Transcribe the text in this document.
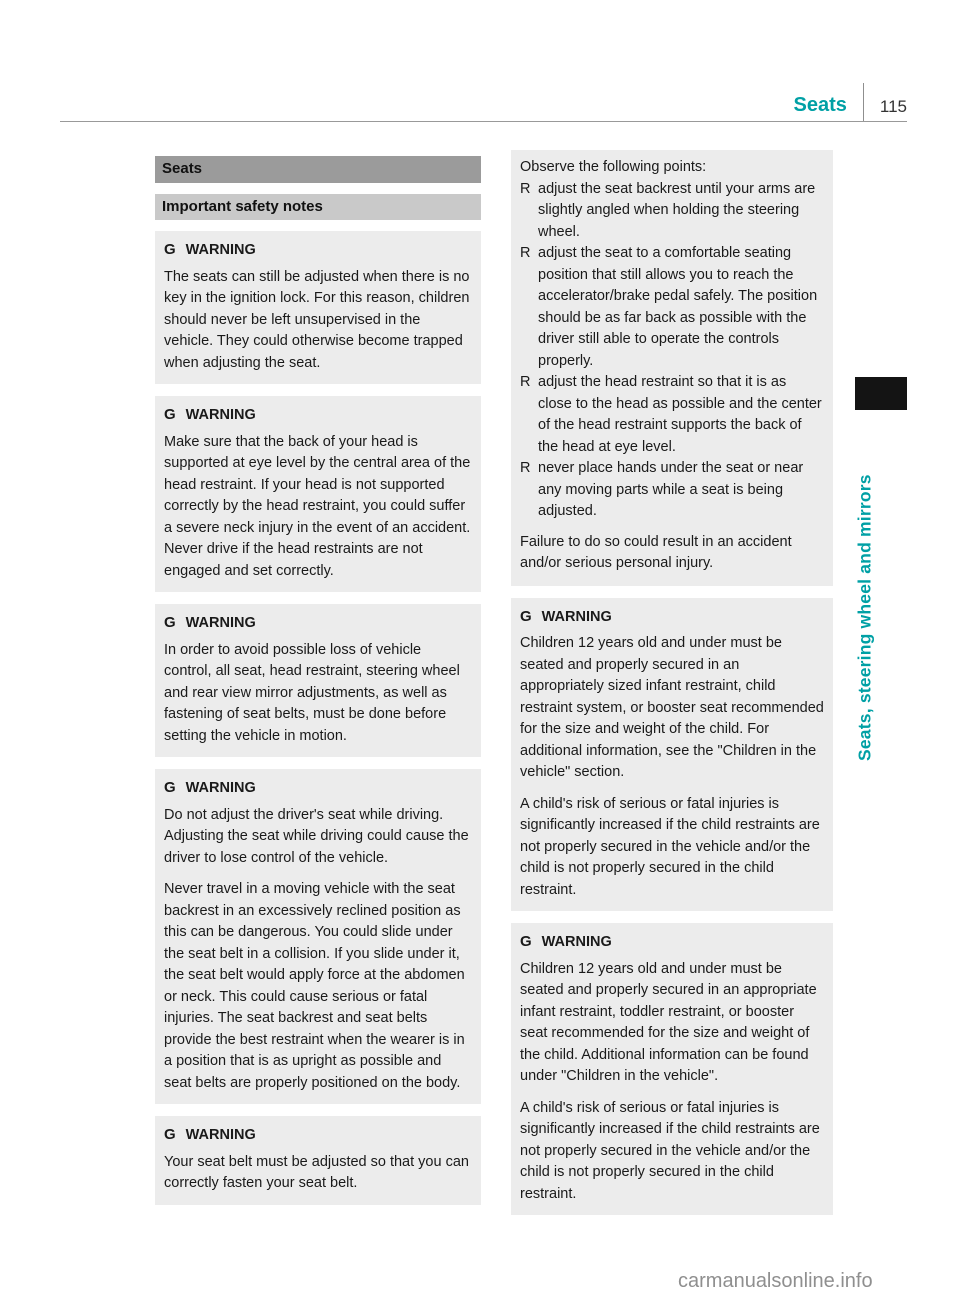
Seats 115
Seats
Important safety notes
G WARNING

The seats can still be adjusted when there is no key in the ignition lock. For this reason, children should never be left unsupervised in the vehicle. They could otherwise become trapped when adjusting the seat.

G WARNING

Make sure that the back of your head is supported at eye level by the central area of the head restraint. If your head is not supported correctly by the head restraint, you could suffer a severe neck injury in the event of an accident. Never drive if the head restraints are not engaged and set correctly.

G WARNING

In order to avoid possible loss of vehicle control, all seat, head restraint, steering wheel and rear view mirror adjustments, as well as fastening of seat belts, must be done before setting the vehicle in motion.

G WARNING

Do not adjust the driver's seat while driving. Adjusting the seat while driving could cause the driver to lose control of the vehicle.

Never travel in a moving vehicle with the seat backrest in an excessively reclined position as this can be dangerous. You could slide under the seat belt in a collision. If you slide under it, the seat belt would apply force at the abdomen or neck. This could cause serious or fatal injuries. The seat backrest and seat belts provide the best restraint when the wearer is in a position that is as upright as possible and seat belts are properly positioned on the body.

G WARNING

Your seat belt must be adjusted so that you can correctly fasten your seat belt.

Observe the following points:

R adjust the seat backrest until your arms are slightly angled when holding the steering wheel.
R adjust the seat to a comfortable seating position that still allows you to reach the accelerator/brake pedal safely. The position should be as far back as possible with the driver still able to operate the controls properly.
R adjust the head restraint so that it is as close to the head as possible and the center of the head restraint supports the back of the head at eye level.
R never place hands under the seat or near any moving parts while a seat is being adjusted.

Failure to do so could result in an accident and/or serious personal injury.

G WARNING

Children 12 years old and under must be seated and properly secured in an appropriately sized infant restraint, child restraint system, or booster seat recommended for the size and weight of the child. For additional information, see the "Children in the vehicle" section.

A child's risk of serious or fatal injuries is significantly increased if the child restraints are not properly secured in the vehicle and/or the child is not properly secured in the child restraint.

G WARNING

Children 12 years old and under must be seated and properly secured in an appropriate infant restraint, toddler restraint, or booster seat recommended for the size and weight of the child. Additional information can be found under "Children in the vehicle".

A child's risk of serious or fatal injuries is significantly increased if the child restraints are not properly secured in the vehicle and/or the child is not properly secured in the child restraint.

Seats, steering wheel and mirrors
carmanualsonline.info
